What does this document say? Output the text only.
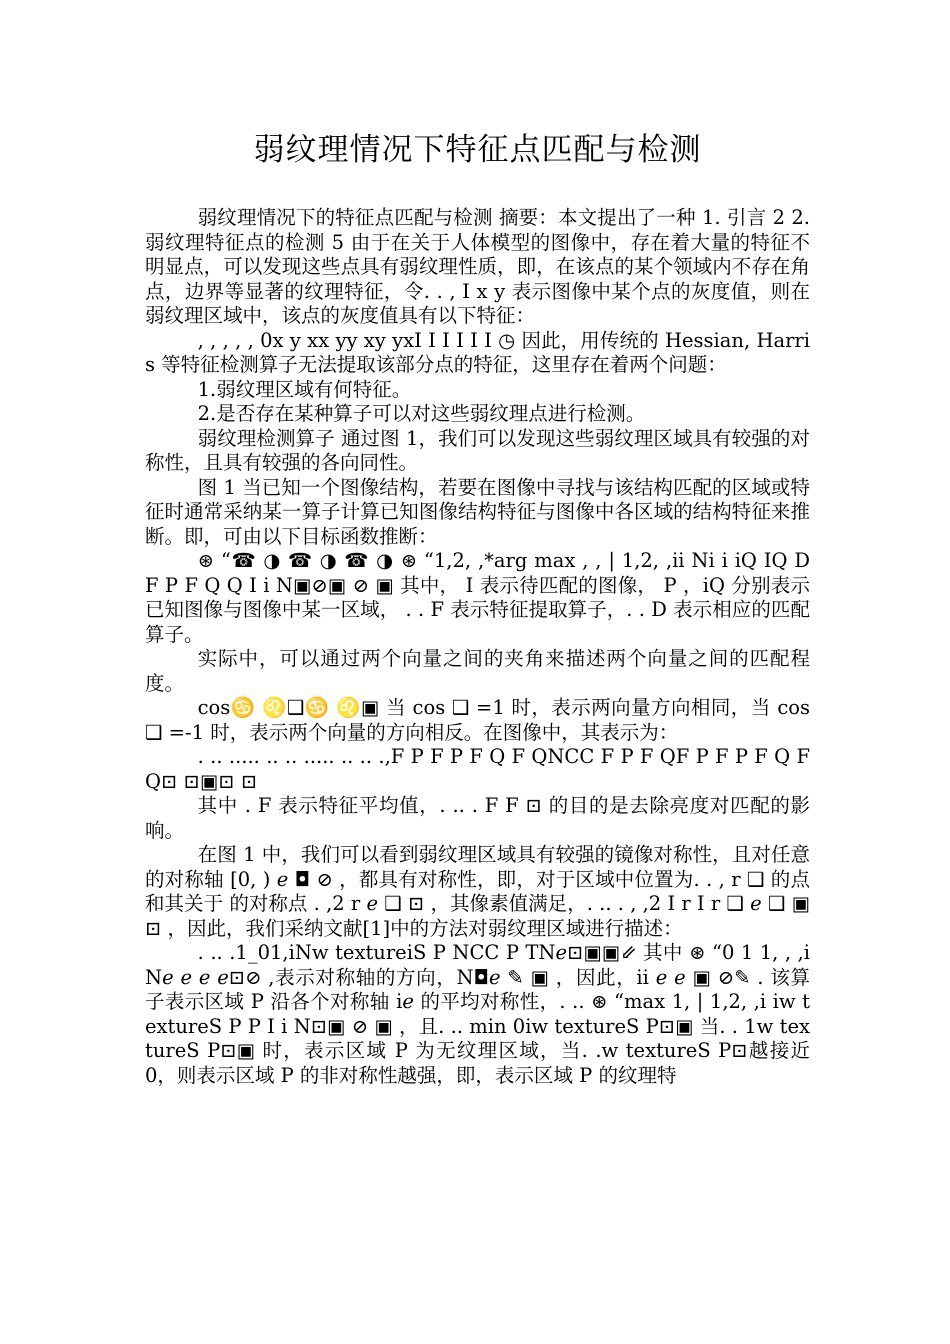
弱纹理情况下特征点匹配与检测

弱纹理情况下的特征点匹配与检测 摘要：本文提出了一种 1. 引言 2 2. 弱纹理特征点的检测 5 由于在关于人体模型的图像中，存在着大量的特征不明显点，可以发现这些点具有弱纹理性质，即，在该点的某个领域内不存在角点，边界等显著的纹理特征，令. . , I x y 表示图像中某个点的灰度值，则在弱纹理区域中，该点的灰度值具有以下特征：

, , , , , 0x y xx yy xy yxI I I I I I ◷ 因此，用传统的 Hessian, Harris 等特征检测算子无法提取该部分点的特征，这里存在着两个问题：

1.弱纹理区域有何特征。

2.是否存在某种算子可以对这些弱纹理点进行检测。

弱纹理检测算子 通过图 1，我们可以发现这些弱纹理区域具有较强的对称性，且具有较强的各向同性。

图 1 当已知一个图像结构，若要在图像中寻找与该结构匹配的区域或特征时通常采纳某一算子计算已知图像结构特征与图像中各区域的结构特征来推断。即，可由以下目标函数推断：

⊛ “☎ ◑ ☎ ◑ ☎ ◑ ⊛ “1,2, ,*arg max , , | 1,2, ,ii Ni i iQ IQ D F P F Q Q I i N▣⊘▣ ⊘ ▣ 其中， I 表示待匹配的图像， P ，iQ 分别表示已知图像与图像中某一区域， . . F 表示特征提取算子，. . D 表示相应的匹配算子。

实际中，可以通过两个向量之间的夹角来描述两个向量之间的匹配程度。

cos♋ ♌❑♋ ♌▣ 当 cos ❑ =1 时，表示两向量方向相同，当 cos ❑ =-1 时，表示两个向量的方向相反。在图像中，其表示为：

. .. ..... .. .. ..... .. .. .,F P F P F Q F QNCC F P F QF P F P F Q F Q⊡ ⊡▣⊡ ⊡

其中 . F 表示特征平均值，. .. . F F ⊡ 的目的是去除亮度对匹配的影响。

在图 1 中，我们可以看到弱纹理区域具有较强的镜像对称性，且对任意的对称轴 [0, ) ℯ ◘ ⊘ ，都具有对称性，即，对于区域中位置为. . , r ❑ 的点和其关于 的对称点 . ,2 r ℯ ❑ ⊡ ，其像素值满足，. .. . , ,2 I r I r ❑ ℯ ❑ ▣ ⊡ ，因此，我们采纳文献[1]中的方法对弱纹理区域进行描述：

. .. .1_01,iNw textureiS P NCC P TNℯ⊡▣▣⇙ 其中 ⊛ “0 1 1, , ,i Nℯ ℯ ℯ ℯ⊡⊘ ,表示对称轴的方向，N◘ℯ ✎ ▣ ，因此，ii ℯ ℯ ▣ ⊘✎ . 该算子表示区域 P 沿各个对称轴 iℯ 的平均对称性，. .. ⊛ “max 1, | 1,2, ,i iw textureS P P I i N⊡▣ ⊘ ▣ ，且. .. min 0iw textureS P⊡▣ 当. . 1w textureS P⊡▣ 时，表示区域 P 为无纹理区域，当. .w textureS P⊡越接近 0，则表示区域 P 的非对称性越强，即，表示区域 P 的纹理特
